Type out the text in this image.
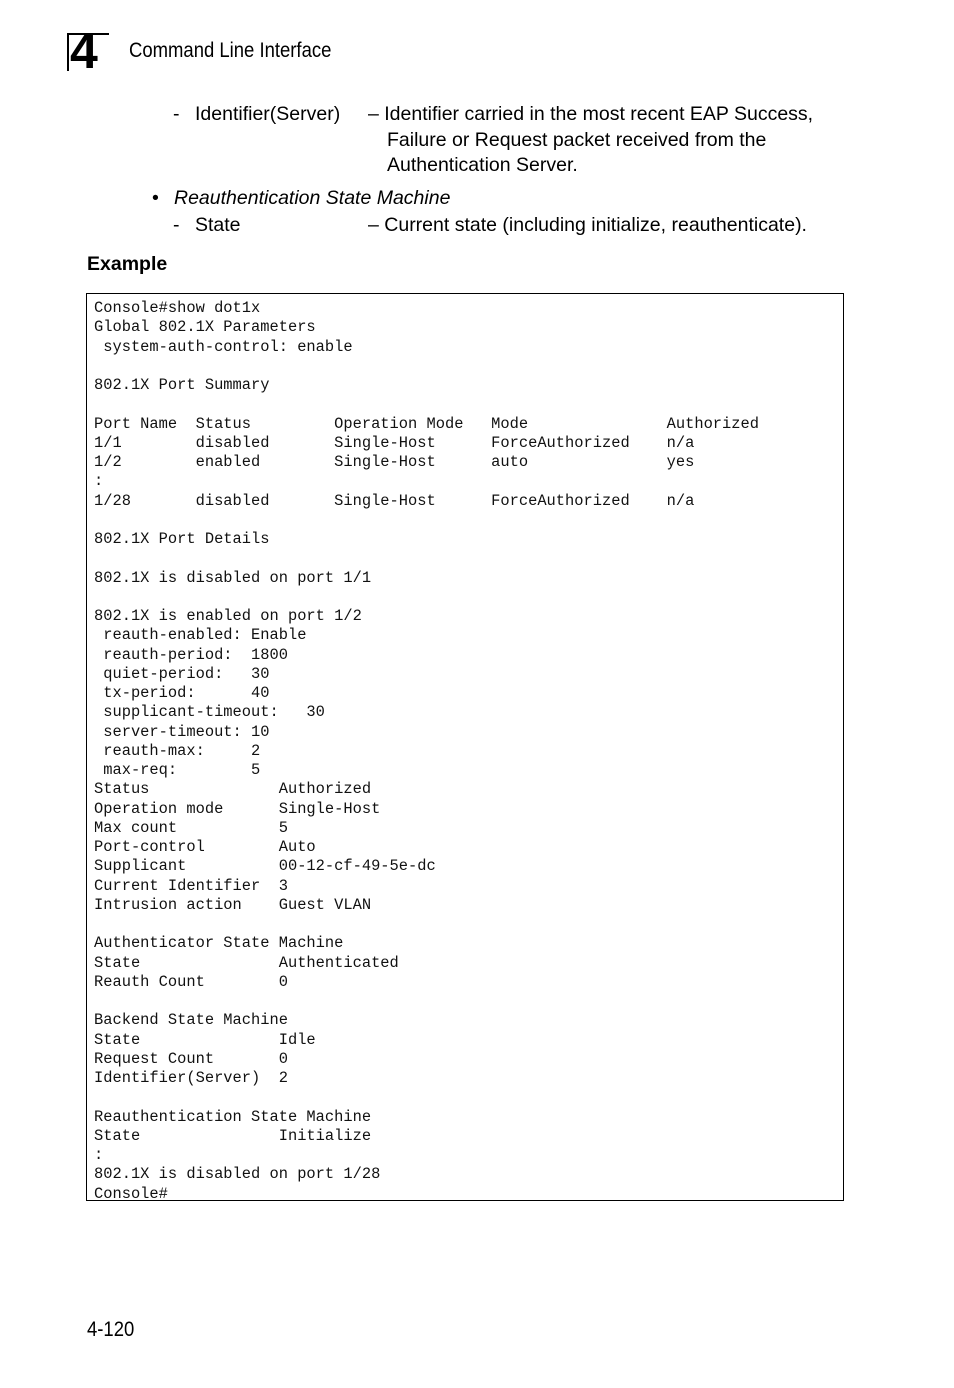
4 Command Line Interface
- Identifier(Server) – Identifier carried in the most recent EAP Success,
Failure or Request packet received from the
Authentication Server.
• Reauthentication State Machine
- State	– Current state (including initialize, reauthenticate).
Example
Console#show dot1x
Global 802.1X Parameters
system-auth-control: enable

802.1X Port Summary

Port Name  Status         Operation Mode   Mode               Authorized
1/1        disabled       Single-Host      ForceAuthorized    n/a
1/2        enabled        Single-Host      auto               yes
:
1/28       disabled       Single-Host      ForceAuthorized    n/a

802.1X Port Details

802.1X is disabled on port 1/1

802.1X is enabled on port 1/2
reauth-enabled: Enable
reauth-period:  1800
quiet-period:   30
tx-period:      40
supplicant-timeout:   30
server-timeout: 10
reauth-max:     2
max-req:        5
Status              Authorized
Operation mode      Single-Host
Max count           5
Port-control        Auto
Supplicant          00-12-cf-49-5e-dc
Current Identifier  3
Intrusion action    Guest VLAN

Authenticator State Machine
State               Authenticated
Reauth Count        0

Backend State Machine
State               Idle
Request Count       0
Identifier(Server)  2

Reauthentication State Machine
State               Initialize
:
802.1X is disabled on port 1/28
Console#
4-120
